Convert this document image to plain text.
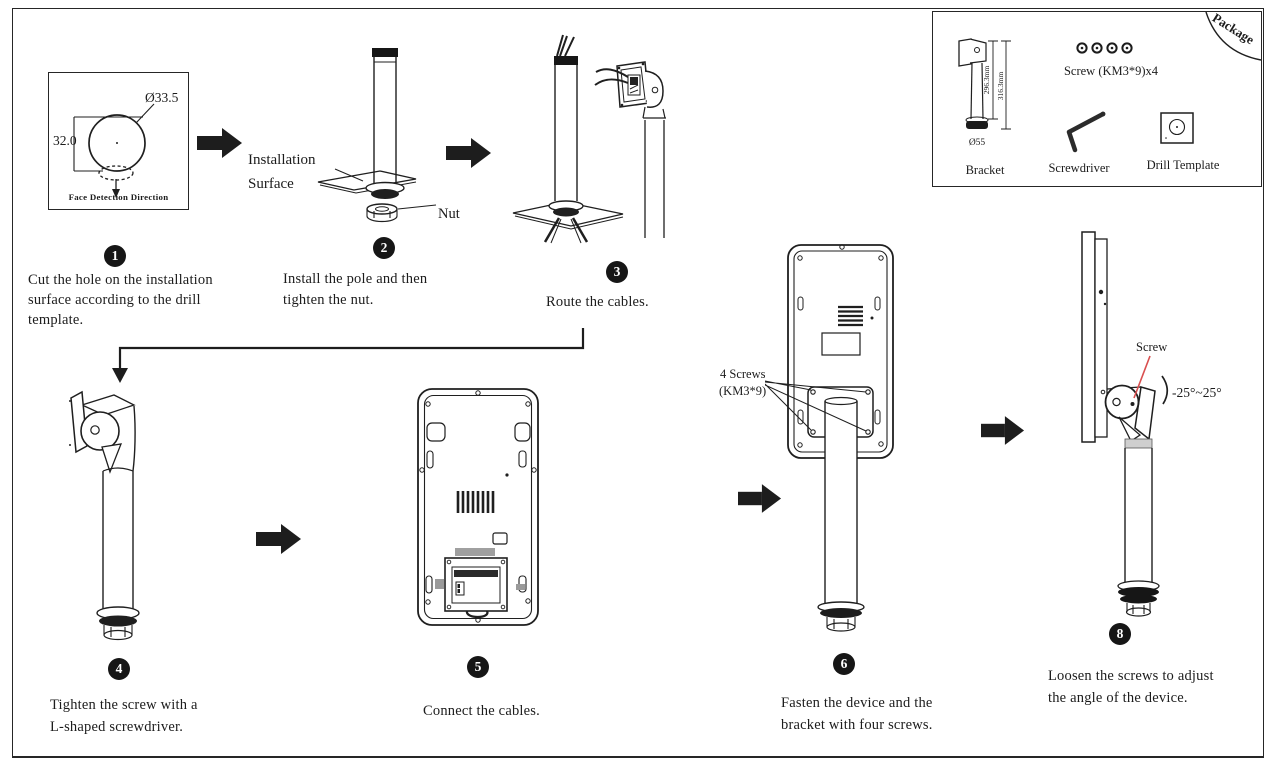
Ø33.5
32.0
Face Detection Direction
1
Cut the hole on the installation
surface according to the drill
template.
Installation
Surface
Nut
2
Install the pole and then
tighten the nut.
3
Route the cables.
4
Tighten the screw with a
L-shaped screwdriver.
5
Connect the cables.
4 Screws
(KM3*9)
6
Fasten the device and the
bracket with four screws.
Screw
-25°~25°
8
Loosen the screws to adjust
the angle of the device.
Package
296.3mm 316.3mm
Ø55
Bracket
Screw (KM3*9)x4
Screwdriver	Drill Template
